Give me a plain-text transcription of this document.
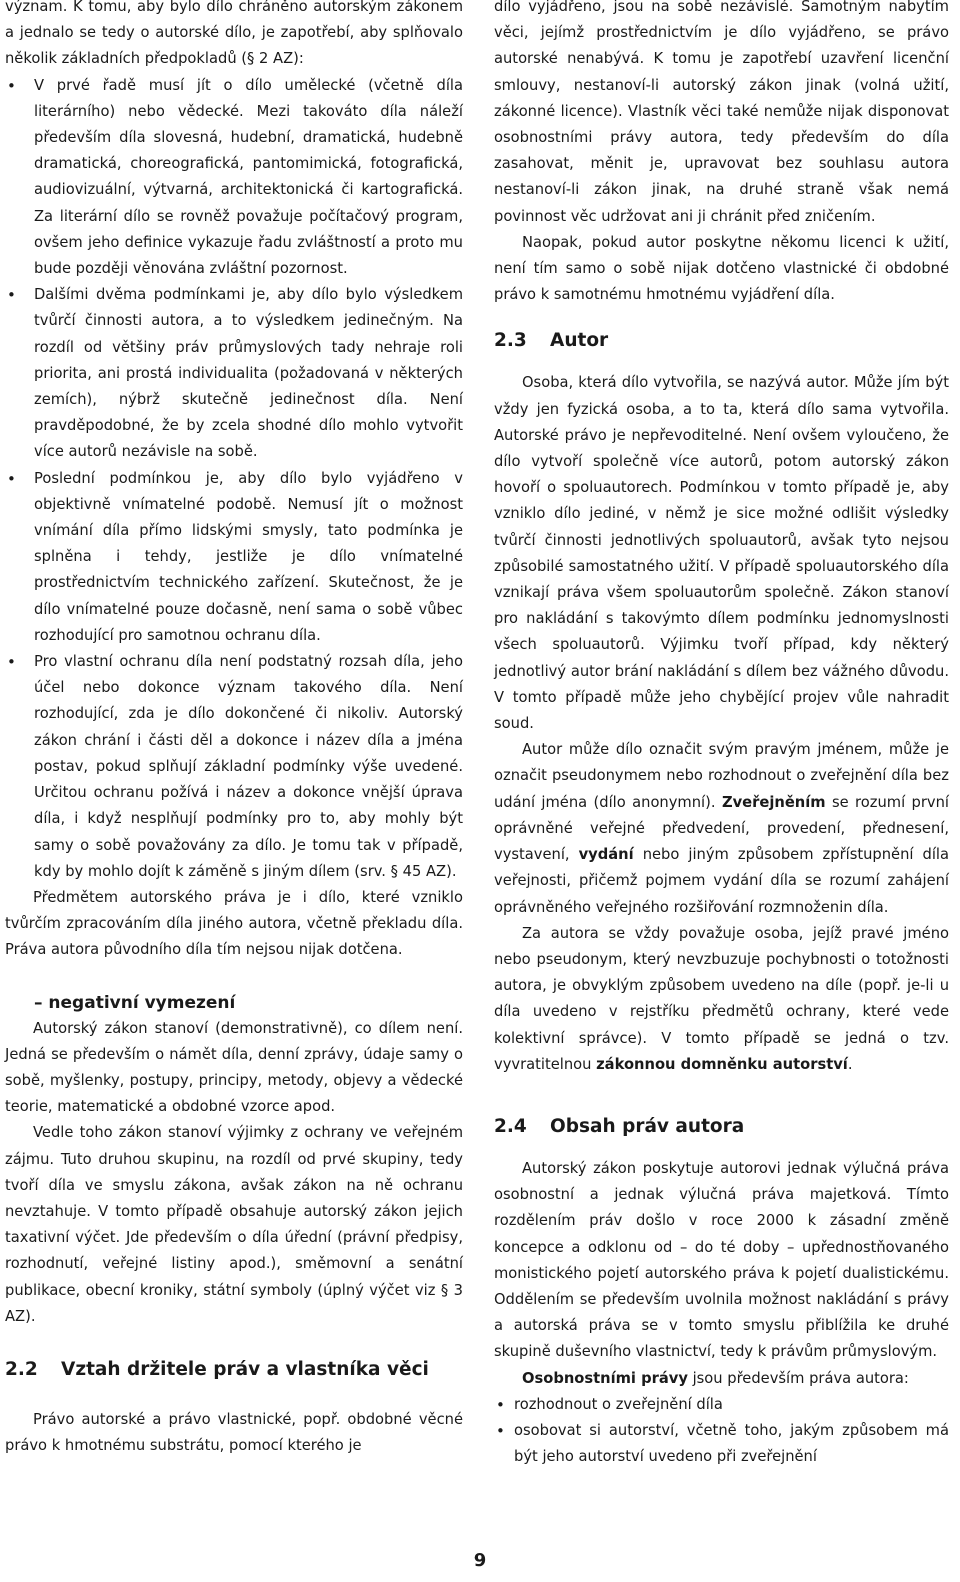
význam. K tomu, aby bylo dílo chráněno autorským zákonem a jednalo se tedy o autorské dílo, je zapotřebí, aby splňovalo několik základních předpokladů (§ 2 AZ):

• V prvé řadě musí jít o dílo umělecké (včetně díla literárního) nebo vědecké. Mezi takováto díla náleží především díla slovesná, hudební, dramatická, hudebně dramatická, choreografická, pantomimická, fotografická, audiovizuální, výtvarná, architektonická či kartografická. Za literární dílo se rovněž považuje počítačový program, ovšem jeho definice vykazuje řadu zvláštností a proto mu bude později věnována zvláštní pozornost.
• Dalšími dvěma podmínkami je, aby dílo bylo výsledkem tvůrčí činnosti autora, a to výsledkem jedinečným. Na rozdíl od většiny práv průmyslových tady nehraje roli priorita, ani prostá individualita (požadovaná v některých zemích), nýbrž skutečně jedinečnost díla. Není pravděpodobné, že by zcela shodné dílo mohlo vytvořit více autorů nezávisle na sobě.
• Poslední podmínkou je, aby dílo bylo vyjádřeno v objektivně vnímatelné podobě. Nemusí jít o možnost vnímání díla přímo lidskými smysly, tato podmínka je splněna i tehdy, jestliže je dílo vnímatelné prostřednictvím technického zařízení. Skutečnost, že je dílo vnímatelné pouze dočasně, není sama o sobě vůbec rozhodující pro samotnou ochranu díla.
• Pro vlastní ochranu díla není podstatný rozsah díla, jeho účel nebo dokonce význam takového díla. Není rozhodující, zda je dílo dokončené či nikoliv. Autorský zákon chrání i části děl a dokonce i název díla a jména postav, pokud splňují základní podmínky výše uvedené. Určitou ochranu požívá i název a dokonce vnější úprava díla, i když nesplňují podmínky pro to, aby mohly být samy o sobě považovány za dílo. Je tomu tak v případě, kdy by mohlo dojít k záměně s jiným dílem (srv. § 45 AZ).

Předmětem autorského práva je i dílo, které vzniklo tvůrčím zpracováním díla jiného autora, včetně překladu díla. Práva autora původního díla tím nejsou nijak dotčena.

– negativní vymezení

Autorský zákon stanoví (demonstrativně), co dílem není. Jedná se především o námět díla, denní zprávy, údaje samy o sobě, myšlenky, postupy, principy, metody, objevy a vědecké teorie, matematické a obdobné vzorce apod.

Vedle toho zákon stanoví výjimky z ochrany ve veřejném zájmu. Tuto druhou skupinu, na rozdíl od prvé skupiny, tedy tvoří díla ve smyslu zákona, avšak zákon na ně ochranu nevztahuje. V tomto případě obsahuje autorský zákon jejich taxativní výčet. Jde především o díla úřední (právní předpisy, rozhodnutí, veřejné listiny apod.), směmovní a senátní publikace, obecní kroniky, státní symboly (úplný výčet viz § 3 AZ).

2.2 Vztah držitele práv a vlastníka věci

Právo autorské a právo vlastnické, popř. obdobné věcné právo k hmotnému substrátu, pomocí kterého je

dílo vyjádřeno, jsou na sobě nezávislé. Samotným nabytím věci, jejímž prostřednictvím je dílo vyjádřeno, se právo autorské nenabývá. K tomu je zapotřebí uzavření licenční smlouvy, nestanoví-li autorský zákon jinak (volná užití, zákonné licence). Vlastník věci také nemůže nijak disponovat osobnostními právy autora, tedy především do díla zasahovat, měnit je, upravovat bez souhlasu autora nestanoví-li zákon jinak, na druhé straně však nemá povinnost věc udržovat ani ji chránit před zničením.

Naopak, pokud autor poskytne někomu licenci k užití, není tím samo o sobě nijak dotčeno vlastnické či obdobné právo k samotnému hmotnému vyjádření díla.

2.3 Autor

Osoba, která dílo vytvořila, se nazývá autor. Může jím být vždy jen fyzická osoba, a to ta, která dílo sama vytvořila. Autorské právo je nepřevoditelné. Není ovšem vyloučeno, že dílo vytvoří společně více autorů, potom autorský zákon hovoří o spoluautorech. Podmínkou v tomto případě je, aby vzniklo dílo jediné, v němž je sice možné odlišit výsledky tvůrčí činnosti jednotlivých spoluautorů, avšak tyto nejsou způsobilé samostatného užití. V případě spoluautorského díla vznikají práva všem spoluautorům společně. Zákon stanoví pro nakládání s takovýmto dílem podmínku jednomyslnosti všech spoluautorů. Výjimku tvoří případ, kdy některý jednotlivý autor brání nakládání s dílem bez vážného důvodu. V tomto případě může jeho chybějící projev vůle nahradit soud.

Autor může dílo označit svým pravým jménem, může je označit pseudonymem nebo rozhodnout o zveřejnění díla bez udání jména (dílo anonymní). Zveřejněním se rozumí první oprávněné veřejné předvedení, provedení, přednesení, vystavení, vydání nebo jiným způsobem zpřístupnění díla veřejnosti, přičemž pojmem vydání díla se rozumí zahájení oprávněného veřejného rozšiřování rozmnoženin díla.

Za autora se vždy považuje osoba, jejíž pravé jméno nebo pseudonym, který nevzbuzuje pochybnosti o totožnosti autora, je obvyklým způsobem uvedeno na díle (popř. je-li u díla uvedeno v rejstříku předmětů ochrany, které vede kolektivní správce). V tomto případě se jedná o tzv. vyvratitelnou zákonnou domněnku autorství.

2.4 Obsah práv autora

Autorský zákon poskytuje autorovi jednak výlučná práva osobnostní a jednak výlučná práva majetková. Tímto rozdělením práv došlo v roce 2000 k zásadní změně koncepce a odklonu od – do té doby – upřednostňovaného monistického pojetí autorského práva k pojetí dualistickému. Oddělením se především uvolnila možnost nakládání s právy a autorská práva se v tomto smyslu přiblížila ke druhé skupině duševního vlastnictví, tedy k právům průmyslovým.

Osobnostními právy jsou především práva autora:

• rozhodnout o zveřejnění díla
• osobovat si autorství, včetně toho, jakým způsobem má být jeho autorství uvedeno při zveřejnění
9
